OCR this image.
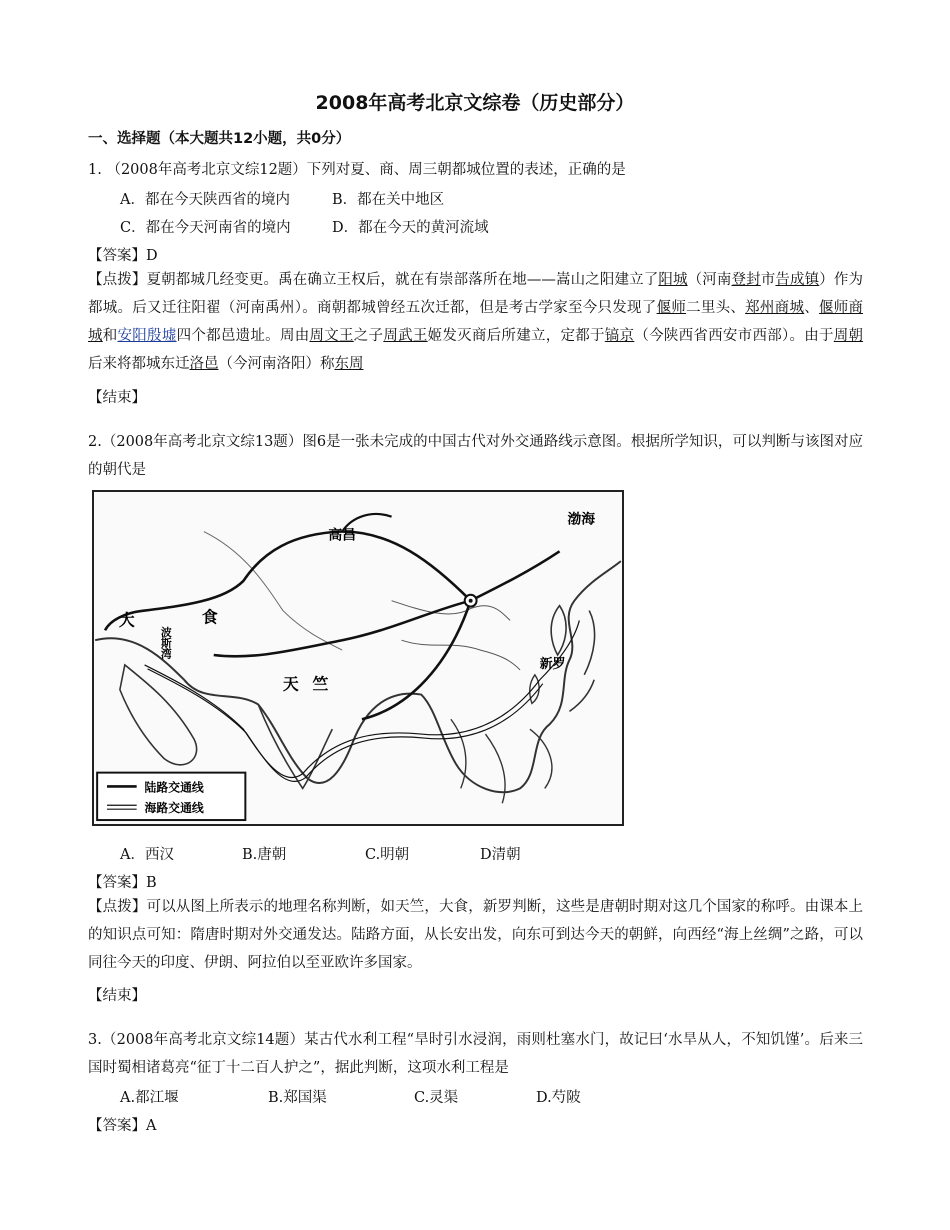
2008年高考北京文综卷（历史部分）
一、选择题（本大题共12小题，共0分）
1. （2008年高考北京文综12题）下列对夏、商、周三朝都城位置的表述，正确的是
A．都在今天陕西省的境内	B．都在关中地区
C．都在今天河南省的境内	D．都在今天的黄河流域
【答案】D
【点拨】夏朝都城几经变更。禹在确立王权后，就在有崇部落所在地——嵩山之阳建立了阳城（河南登封市告成镇）作为都城。后又迁往阳翟（河南禹州）。商朝都城曾经五次迁都，但是考古学家至今只发现了偃师二里头、郑州商城、偃师商城和安阳殷墟四个都邑遗址。周由周文王之子周武王姬发灭商后所建立，定都于镐京（今陕西省西安市西部）。由于周朝后来将都城东迁洛邑（今河南洛阳）称东周
【结束】
2.（2008年高考北京文综13题）图6是一张未完成的中国古代对外交通路线示意图。根据所学知识，可以判断与该图对应的朝代是
高昌
渤海
大	食
波斯湾
天竺
新罗
陆路交通线
海路交通线
A．西汉	B.唐朝	C.明朝	D清朝
【答案】B
【点拨】可以从图上所表示的地理名称判断，如天竺，大食，新罗判断，这些是唐朝时期对这几个国家的称呼。由课本上的知识点可知：隋唐时期对外交通发达。陆路方面，从长安出发，向东可到达今天的朝鲜，向西经“海上丝绸”之路，可以同往今天的印度、伊朗、阿拉伯以至亚欧许多国家。
【结束】
3.（2008年高考北京文综14题）某古代水利工程“旱时引水浸润，雨则杜塞水门，故记曰‘水旱从人，不知饥馑’。后来三国时蜀相诸葛亮“征丁十二百人护之”，据此判断，这项水利工程是
A.都江堰	B.郑国渠	C.灵渠	D.芍陂
【答案】A
